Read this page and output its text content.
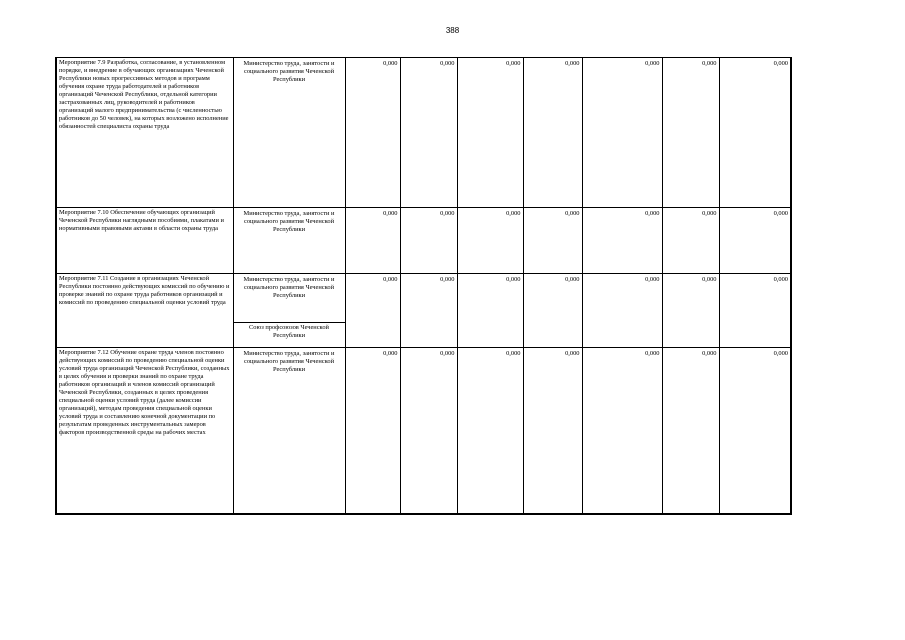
388
Мероприятие 7.9 Разработка, согласование, в установленном порядке, и внедрение в обучающих организациях Чеченской Республики новых прогрессивных методов и программ обучения охране труда работодателей и работников организаций Чеченской Республики, отдельной категории застрахованных лиц, руководителей и работников организаций малого предпринимательства (с численностью работников до 50 человек), на которых возложено исполнение обязанностей специалиста охраны труда	Министерство труда, занятости и социального развития Чеченской Республики	0,000	0,000	0,000	0,000	0,000	0,000	0,000
Мероприятие 7.10 Обеспечение обучающих организаций Чеченской Республики наглядными пособиями, плакатами и нормативными правовыми актами в области охраны труда	Министерство труда, занятости и социального развития Чеченской Республики	0,000	0,000	0,000	0,000	0,000	0,000	0,000
Мероприятие 7.11 Создание в организациях Чеченской Республики постоянно действующих комиссий по обучению и проверке знаний по охране труда работников организаций и комиссий по проведению специальной оценки условий труда	Министерство труда, занятости и социального развития Чеченской Республики	0,000	0,000	0,000	0,000	0,000	0,000	0,000
	Союз профсоюзов Чеченской Республики							
Мероприятие 7.12 Обучение охране труда членов постоянно действующих комиссий по проведению специальной оценки условий труда организаций Чеченской Республики, созданных в целях обучения и проверки знаний по охране труда работников организаций и членов комиссий организаций Чеченской Республики, созданных в целях проведения специальной оценки условий труда (далее комиссии организаций), методам проведения специальной оценки условий труда и составлению конечной документации по результатам проведенных инструментальных замеров факторов производственной среды на рабочих местах	Министерство труда, занятости и социального развития Чеченской Республики	0,000	0,000	0,000	0,000	0,000	0,000	0,000
